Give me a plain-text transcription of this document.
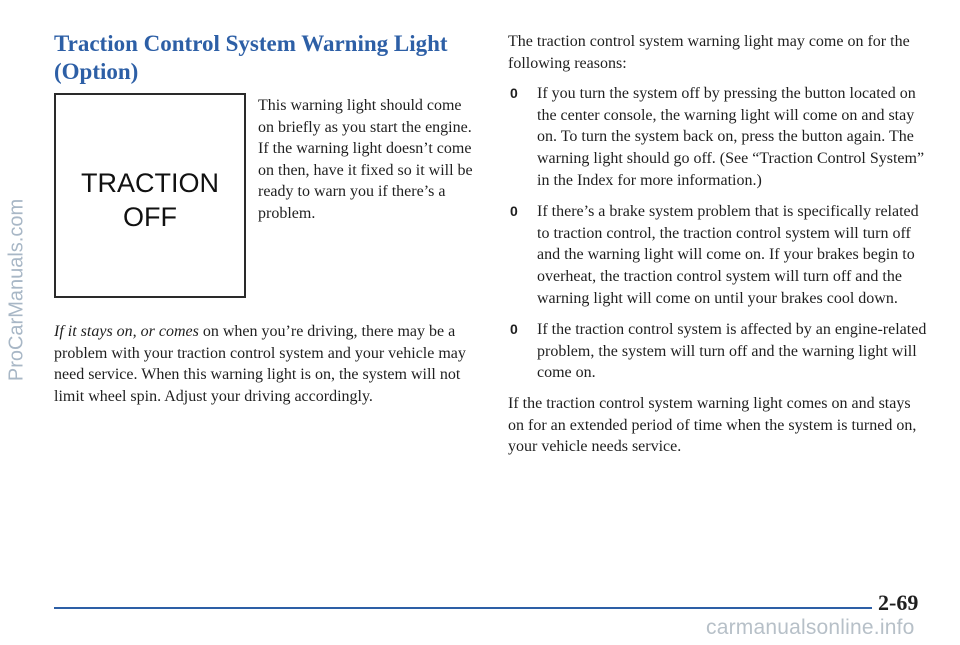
ProCarManuals.com
Traction Control System Warning Light
(Option)
TRACTION
OFF

This warning light should come on briefly as you start the engine. If the warning light doesn’t come on then, have it fixed so it will be ready to warn you if there’s a problem.

If it stays on, or comes on when you’re driving, there may be a problem with your traction control system and your vehicle may need service. When this warning light is on, the system will not limit wheel spin. Adjust your driving accordingly.

The traction control system warning light may come on for the following reasons:

0 If you turn the system off by pressing the button located on the center console, the warning light will come on and stay on. To turn the system back on, press the button again. The warning light should go off. (See “Traction Control System” in the Index for more information.)
0 If there’s a brake system problem that is specifically related to traction control, the traction control system will turn off and the warning light will come on. If your brakes begin to overheat, the traction control system will turn off and the warning light will come on until your brakes cool down.
0 If the traction control system is affected by an engine-related problem, the system will turn off and the warning light will come on.

If the traction control system warning light comes on and stays on for an extended period of time when the system is turned on, your vehicle needs service.

2-69
carmanualsonline.info
